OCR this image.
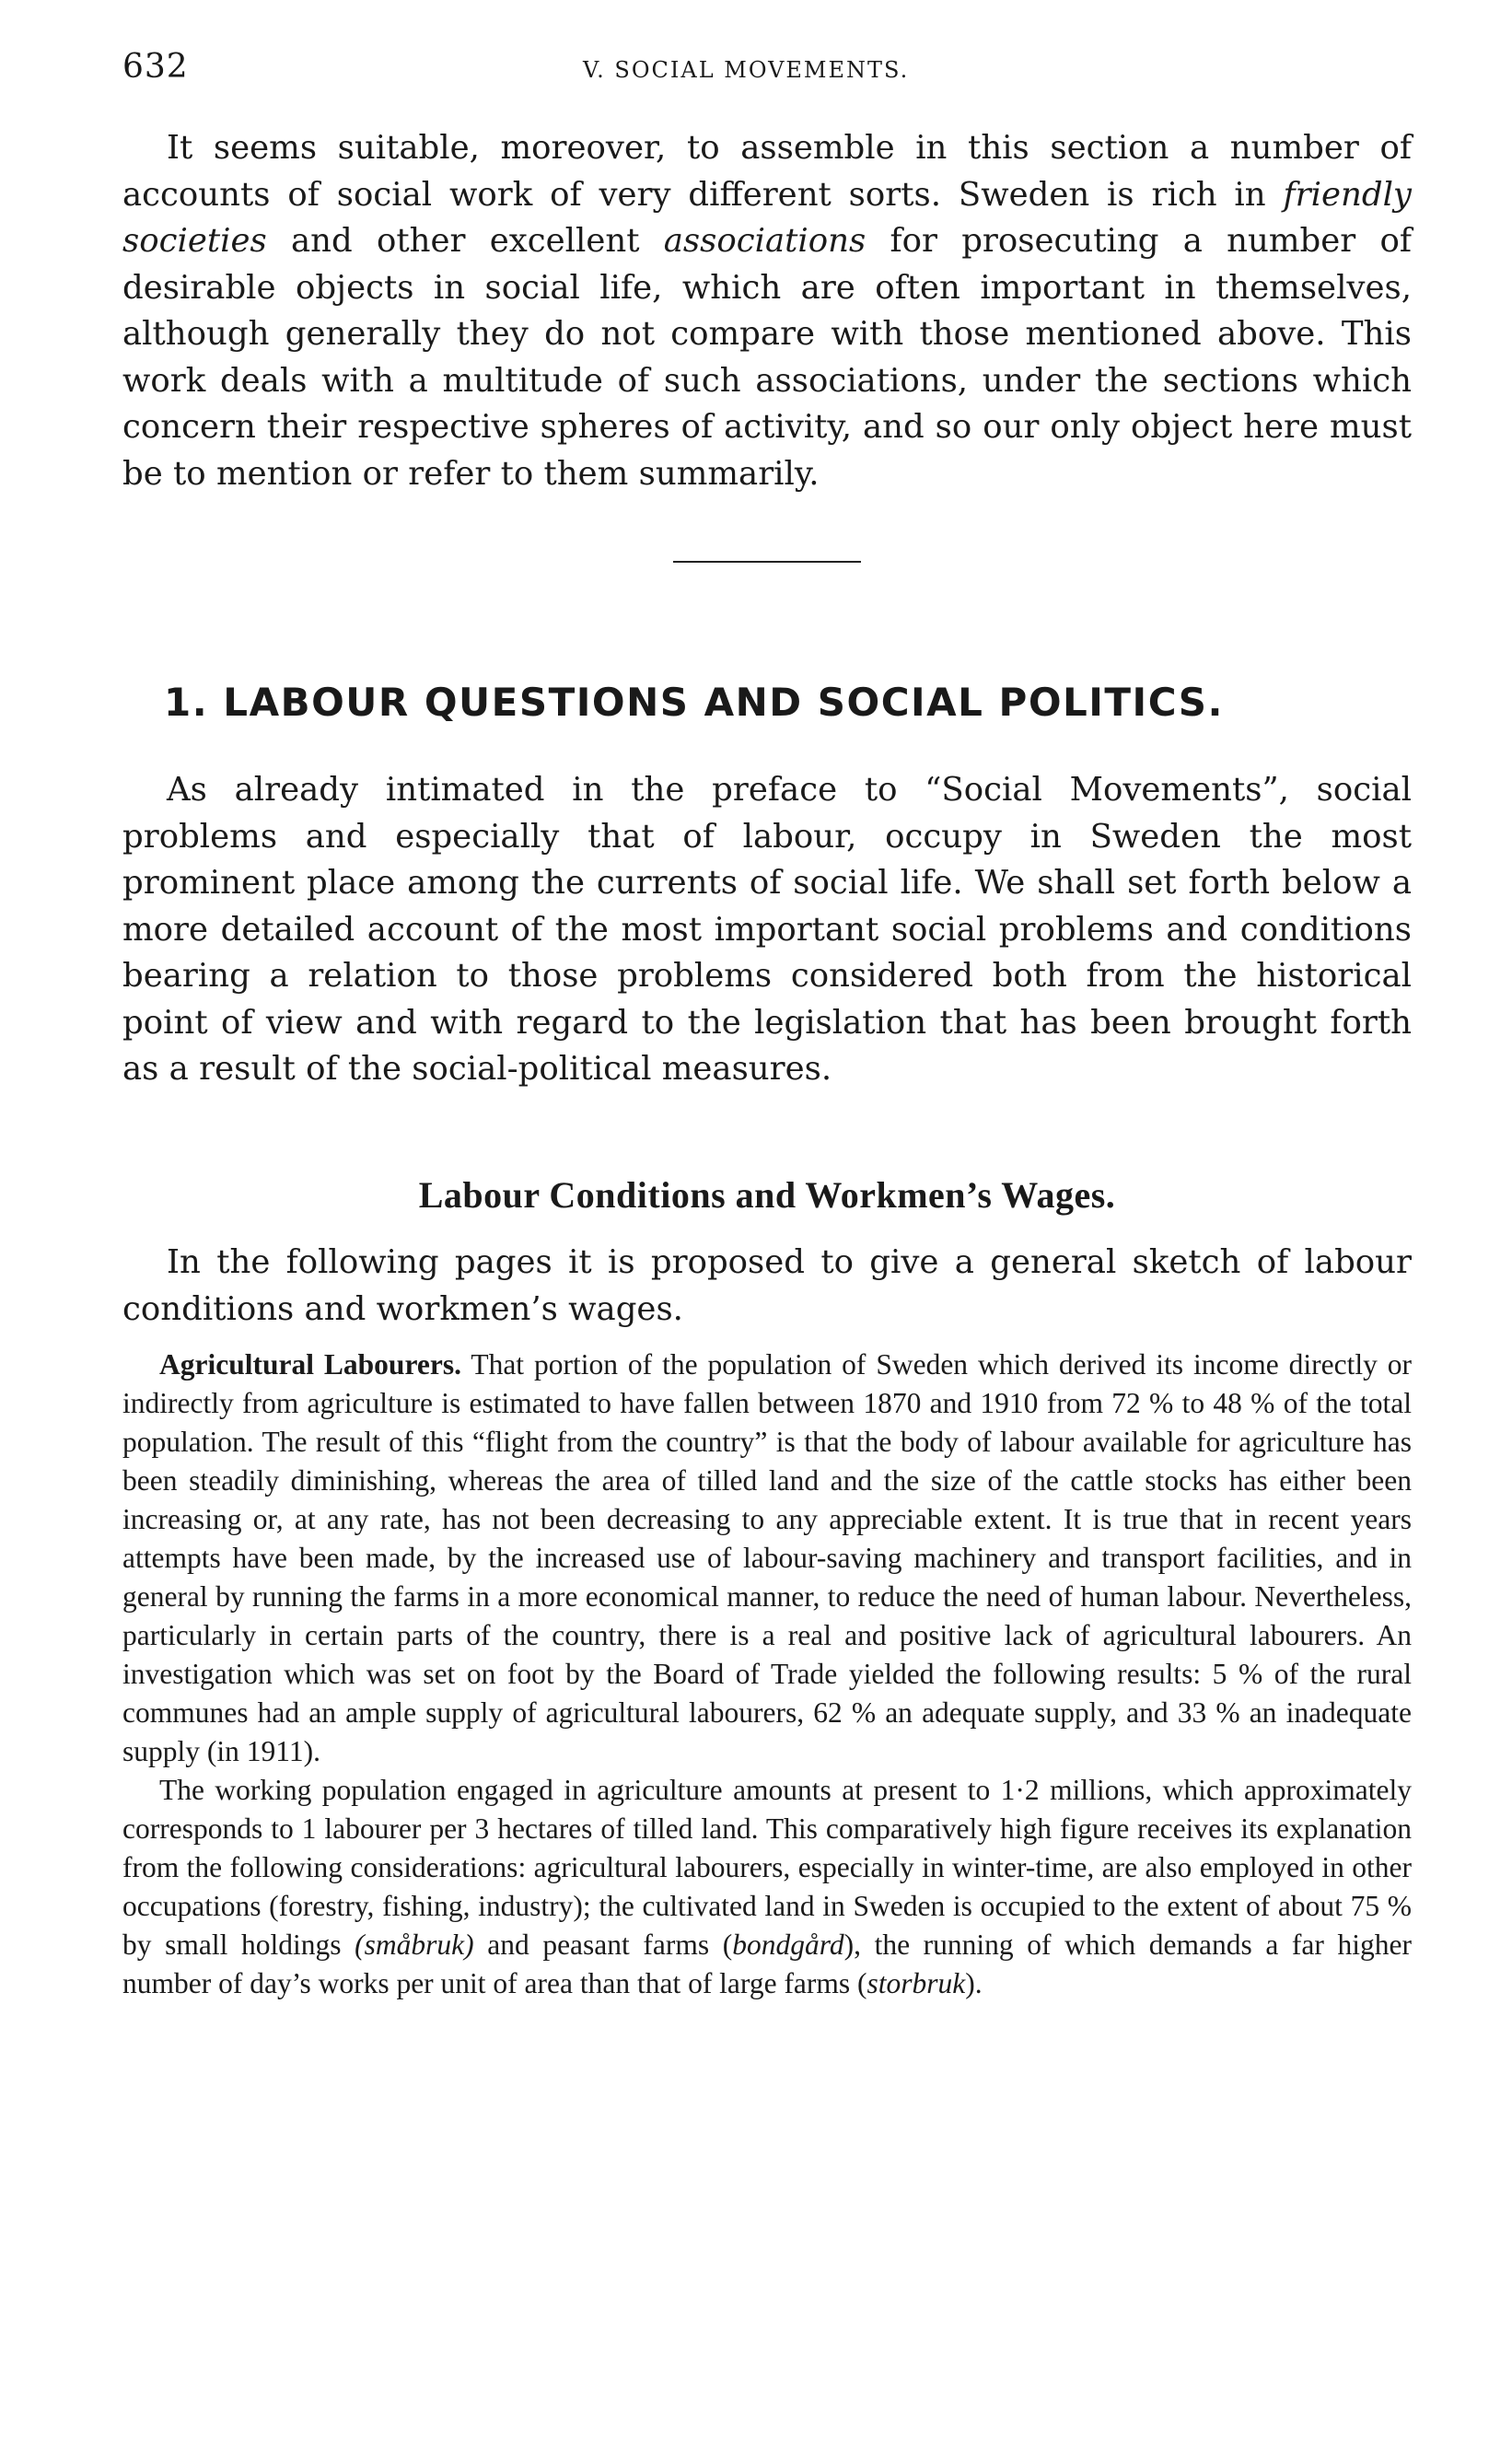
632	V. SOCIAL MOVEMENTS.

It seems suitable, moreover, to assemble in this section a number of accounts of social work of very different sorts. Sweden is rich in friendly societies and other excellent associations for prosecuting a number of desirable objects in social life, which are often important in themselves, although generally they do not compare with those mentioned above. This work deals with a multitude of such associations, under the sections which concern their respective spheres of activity, and so our only object here must be to mention or refer to them summarily.

1. LABOUR QUESTIONS AND SOCIAL POLITICS.

As already intimated in the preface to “Social Movements”, social problems and especially that of labour, occupy in Sweden the most prominent place among the currents of social life. We shall set forth below a more detailed account of the most important social problems and conditions bearing a relation to those problems considered both from the historical point of view and with regard to the legislation that has been brought forth as a result of the social-political measures.

Labour Conditions and Workmen’s Wages.

In the following pages it is proposed to give a general sketch of labour conditions and workmen’s wages.

Agricultural Labourers. That portion of the population of Sweden which derived its income directly or indirectly from agriculture is estimated to have fallen between 1870 and 1910 from 72 % to 48 % of the total population. The result of this “flight from the country” is that the body of labour available for agriculture has been steadily diminishing, whereas the area of tilled land and the size of the cattle stocks has either been increasing or, at any rate, has not been decreasing to any appreciable extent. It is true that in recent years attempts have been made, by the increased use of labour-saving machinery and transport facilities, and in general by running the farms in a more economical manner, to reduce the need of human labour. Nevertheless, particularly in certain parts of the country, there is a real and positive lack of agricultural labourers. An investigation which was set on foot by the Board of Trade yielded the following results: 5 % of the rural communes had an ample supply of agricultural labourers, 62 % an adequate supply, and 33 % an inadequate supply (in 1911).

The working population engaged in agriculture amounts at present to 1·2 millions, which approximately corresponds to 1 labourer per 3 hectares of tilled land. This comparatively high figure receives its explanation from the following considerations: agricultural labourers, especially in winter-time, are also employed in other occupations (forestry, fishing, industry); the cultivated land in Sweden is occupied to the extent of about 75 % by small holdings (småbruk) and peasant farms (bondgård), the running of which demands a far higher number of day’s works per unit of area than that of large farms (storbruk).
